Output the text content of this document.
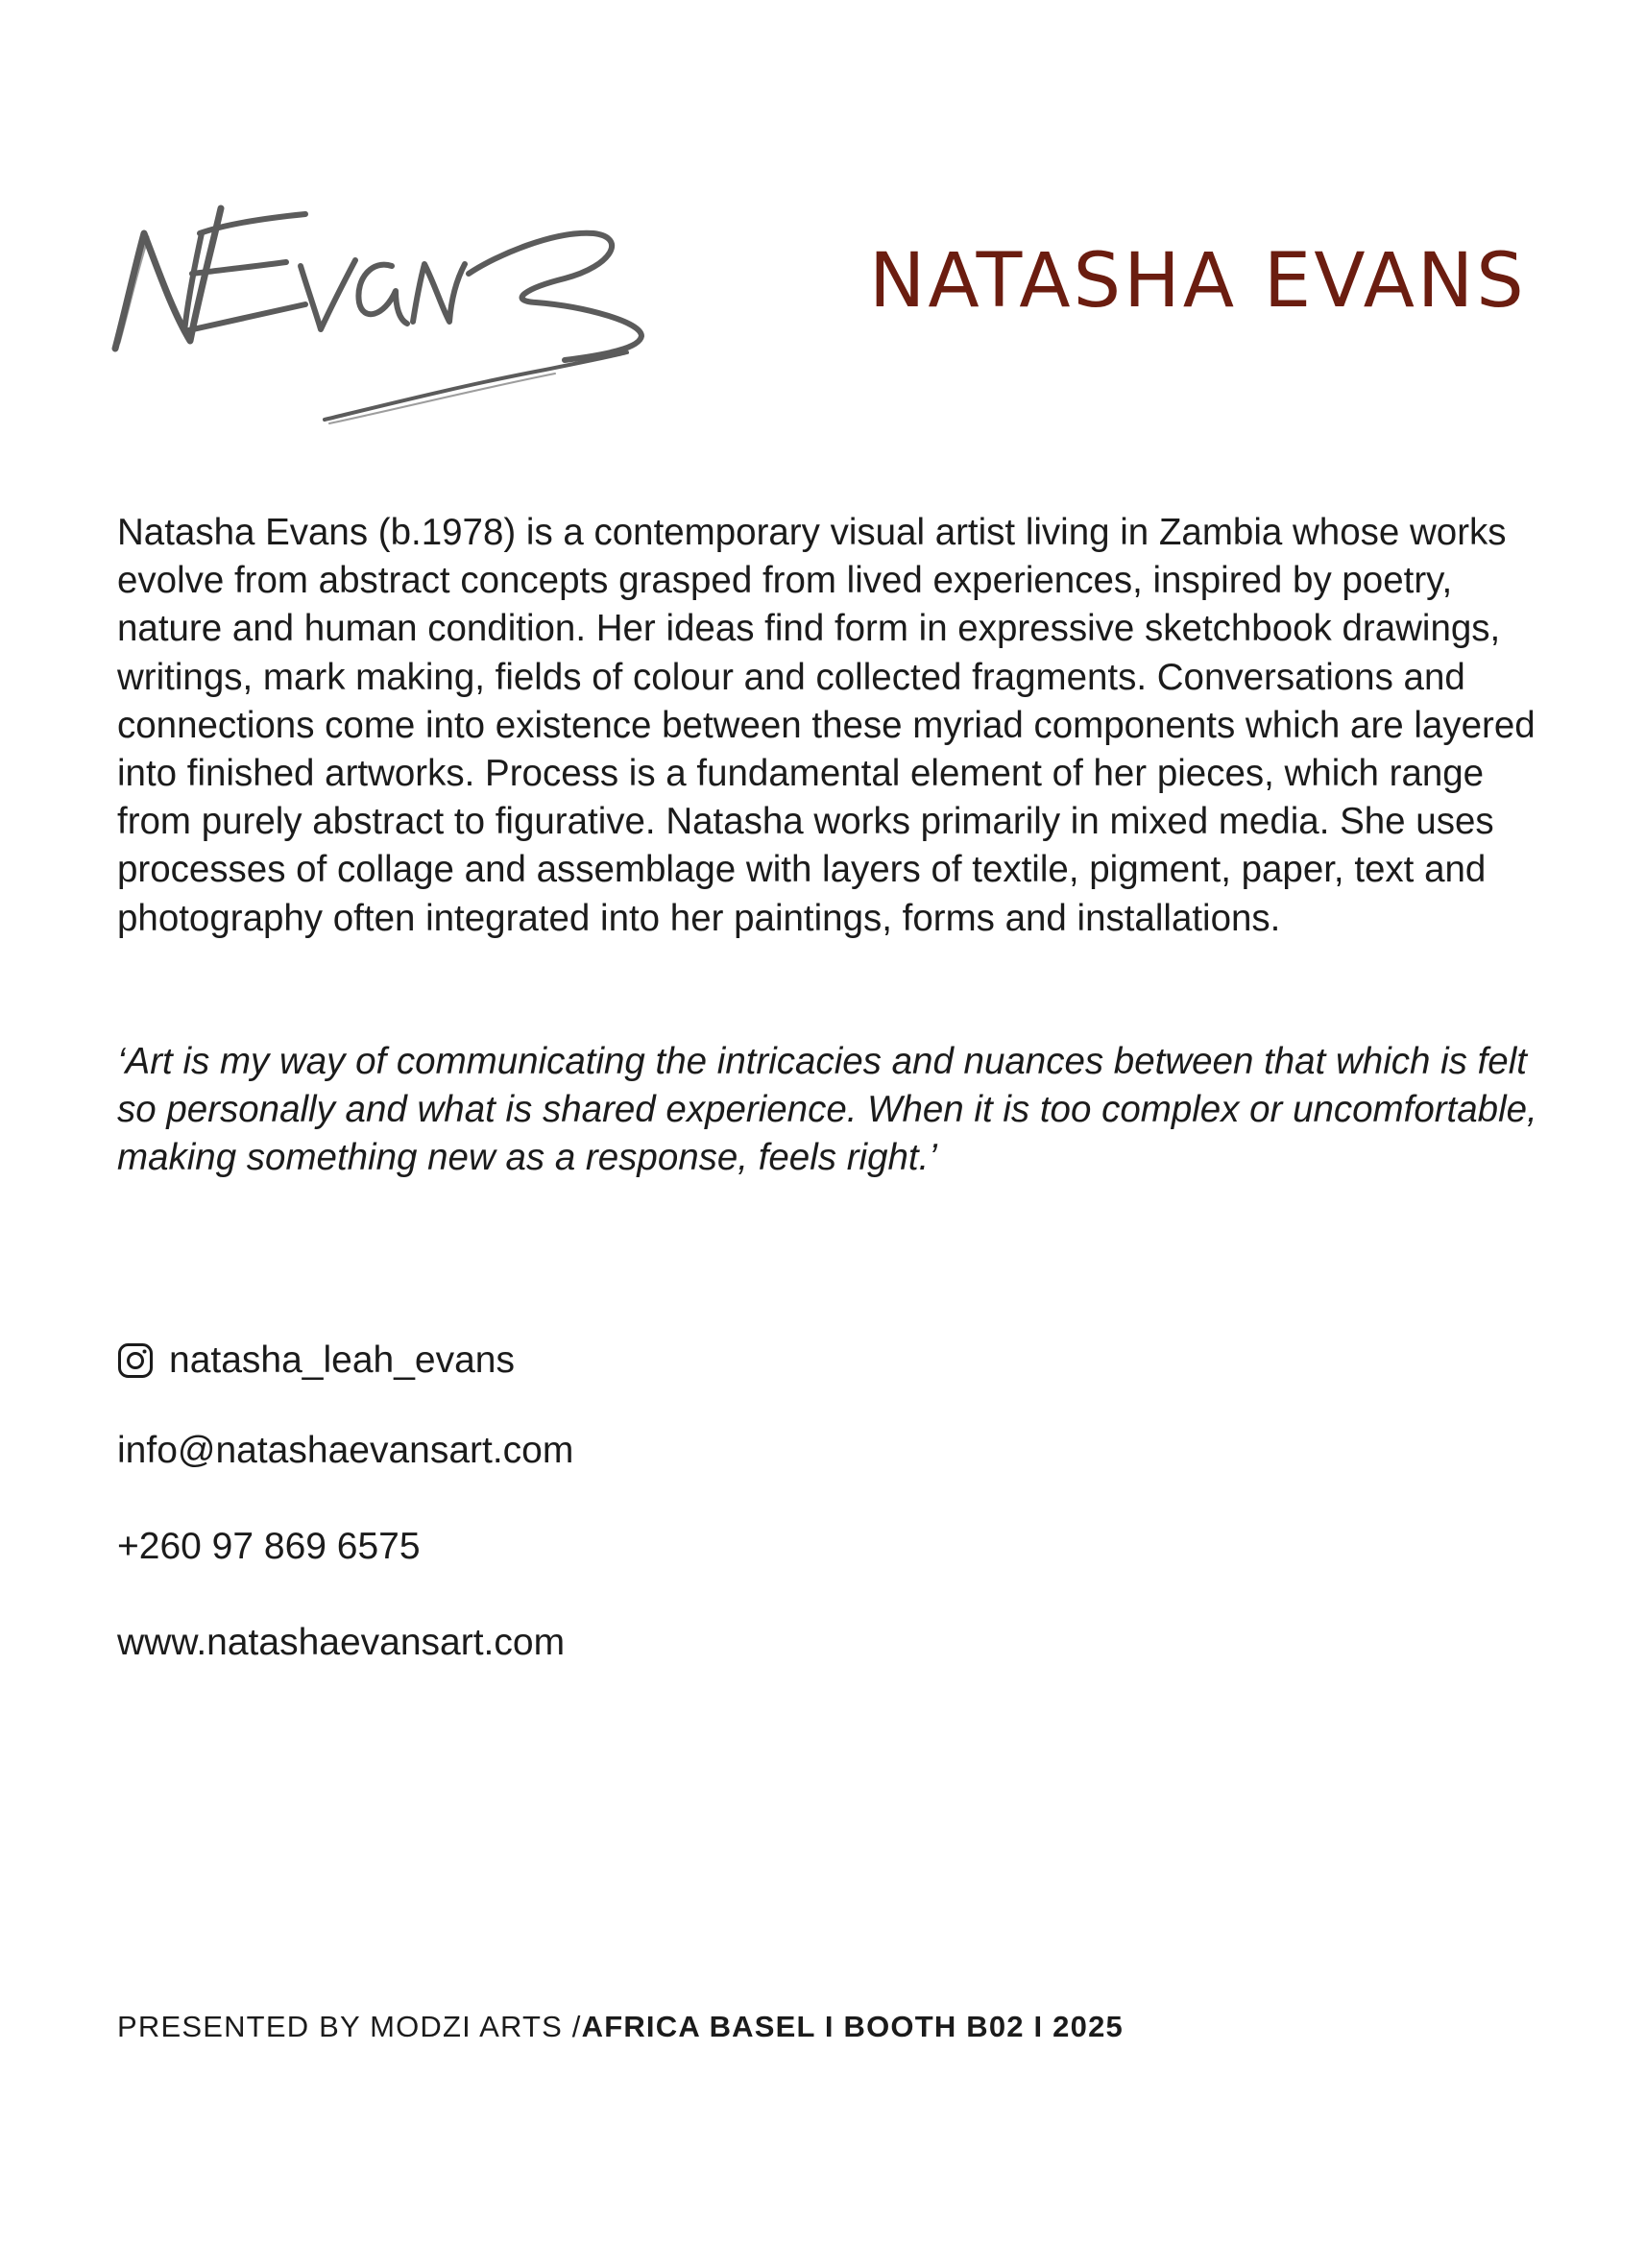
NATASHA EVANS

Natasha Evans (b.1978) is a contemporary visual artist living in Zambia whose works evolve from abstract concepts grasped from lived experiences, inspired by poetry, nature and human condition. Her ideas find form in expressive sketchbook drawings, writings, mark making, fields of colour and collected fragments. Conversations and connections come into existence between these myriad components which are layered into finished artworks. Process is a fundamental element of her pieces, which range from purely abstract to figurative. Natasha works primarily in mixed media. She uses processes of collage and assemblage with layers of textile, pigment, paper, text and photography often integrated into her paintings, forms and installations.

‘Art is my way of communicating the intricacies and nuances between that which is felt so personally and what is shared experience. When it is too complex or uncomfortable, making something new as a response, feels right.’

natasha_leah_evans
info@natashaevansart.com
+260 97 869 6575
www.natashaevansart.com
PRESENTED BY MODZI ARTS /AFRICA BASEL I BOOTH B02 I 2025
